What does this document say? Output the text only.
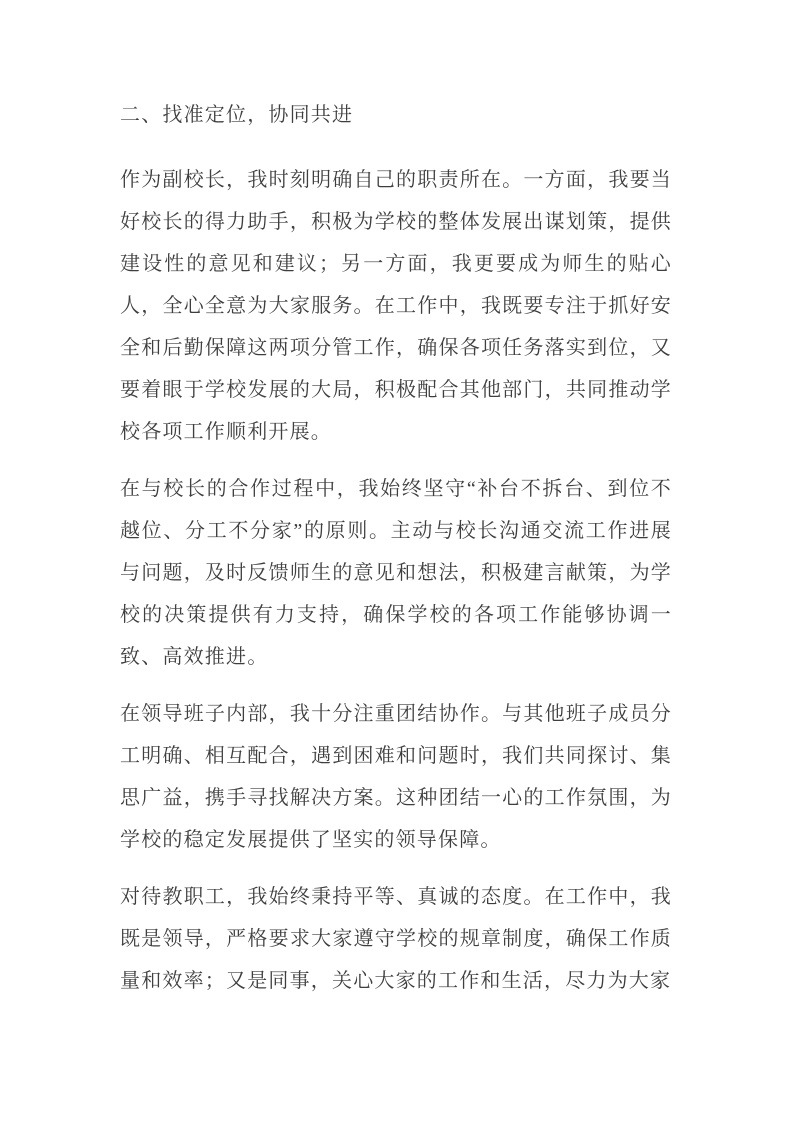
二、找准定位，协同共进

作为副校长，我时刻明确自己的职责所在。一方面，我要当好校长的得力助手，积极为学校的整体发展出谋划策，提供建设性的意见和建议；另一方面，我更要成为师生的贴心人，全心全意为大家服务。在工作中，我既要专注于抓好安全和后勤保障这两项分管工作，确保各项任务落实到位，又要着眼于学校发展的大局，积极配合其他部门，共同推动学校各项工作顺利开展。

在与校长的合作过程中，我始终坚守“补台不拆台、到位不越位、分工不分家”的原则。主动与校长沟通交流工作进展与问题，及时反馈师生的意见和想法，积极建言献策，为学校的决策提供有力支持，确保学校的各项工作能够协调一致、高效推进。

在领导班子内部，我十分注重团结协作。与其他班子成员分工明确、相互配合，遇到困难和问题时，我们共同探讨、集思广益，携手寻找解决方案。这种团结一心的工作氛围，为学校的稳定发展提供了坚实的领导保障。

对待教职工，我始终秉持平等、真诚的态度。在工作中，我既是领导，严格要求大家遵守学校的规章制度，确保工作质量和效率；又是同事，关心大家的工作和生活，尽力为大家
